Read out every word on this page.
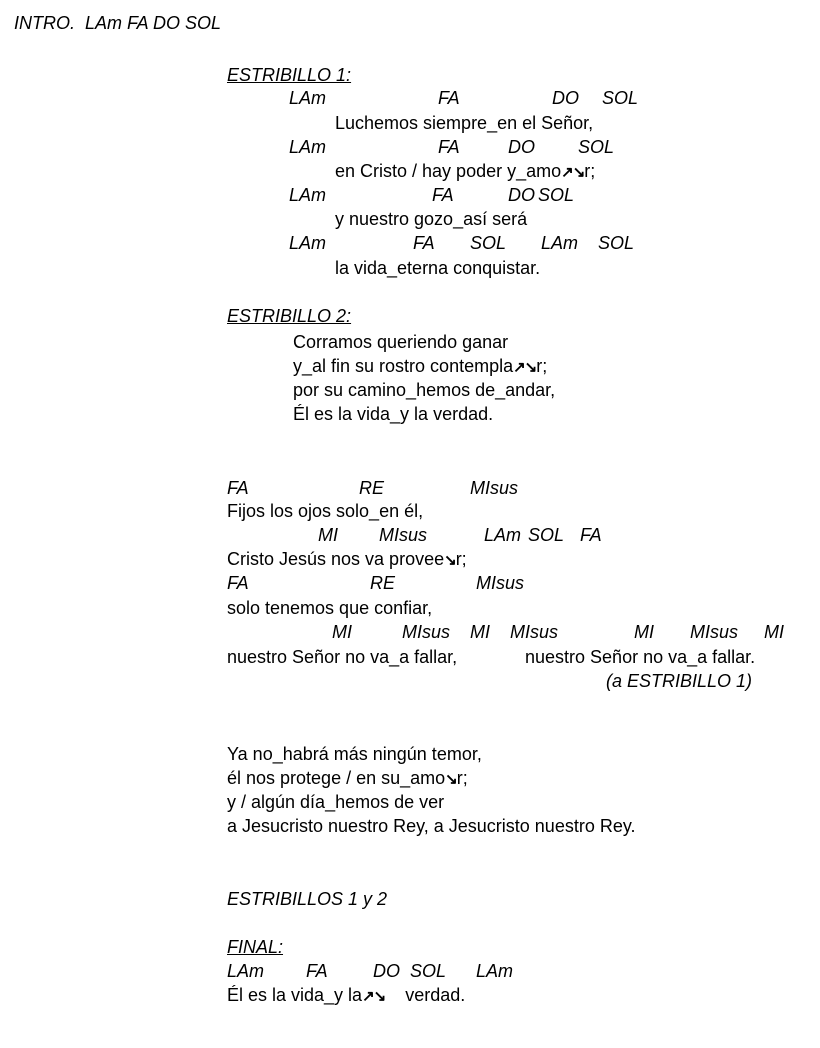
INTRO.  LAm FA DO SOL
ESTRIBILLO 1:
LAm	FA	DO SOL
Luchemos siempre_en el Señor,
LAm	FA	DO SOL
en Cristo / hay poder y_amo↗↘r;
LAm	FA	DO SOL
y nuestro gozo_así será
LAm	FA SOL LAm SOL
la vida_eterna conquistar.
ESTRIBILLO 2:
Corramos queriendo ganar
y_al fin su rostro contempla↗↘r;
por su camino_hemos de_andar,
Él es la vida_y la verdad.
FA	RE	MIsus
Fijos los ojos solo_en él,
MI MIsus	LAm SOL FA
Cristo Jesús nos va provee↘r;
FA	RE	MIsus
solo tenemos que confiar,
MI	MIsus MI MIsus	MI MIsus MI
nuestro Señor no va_a fallar,	nuestro Señor no va_a fallar.
(a ESTRIBILLO 1)
Ya no_habrá más ningún temor,
él nos protege / en su_amo↘r;
y / algún día_hemos de ver
a Jesucristo nuestro Rey, a Jesucristo nuestro Rey.
ESTRIBILLOS 1 y 2
FINAL:
LAm FA	DO SOL LAm
Él es la vida_y la↗↘ verdad.
